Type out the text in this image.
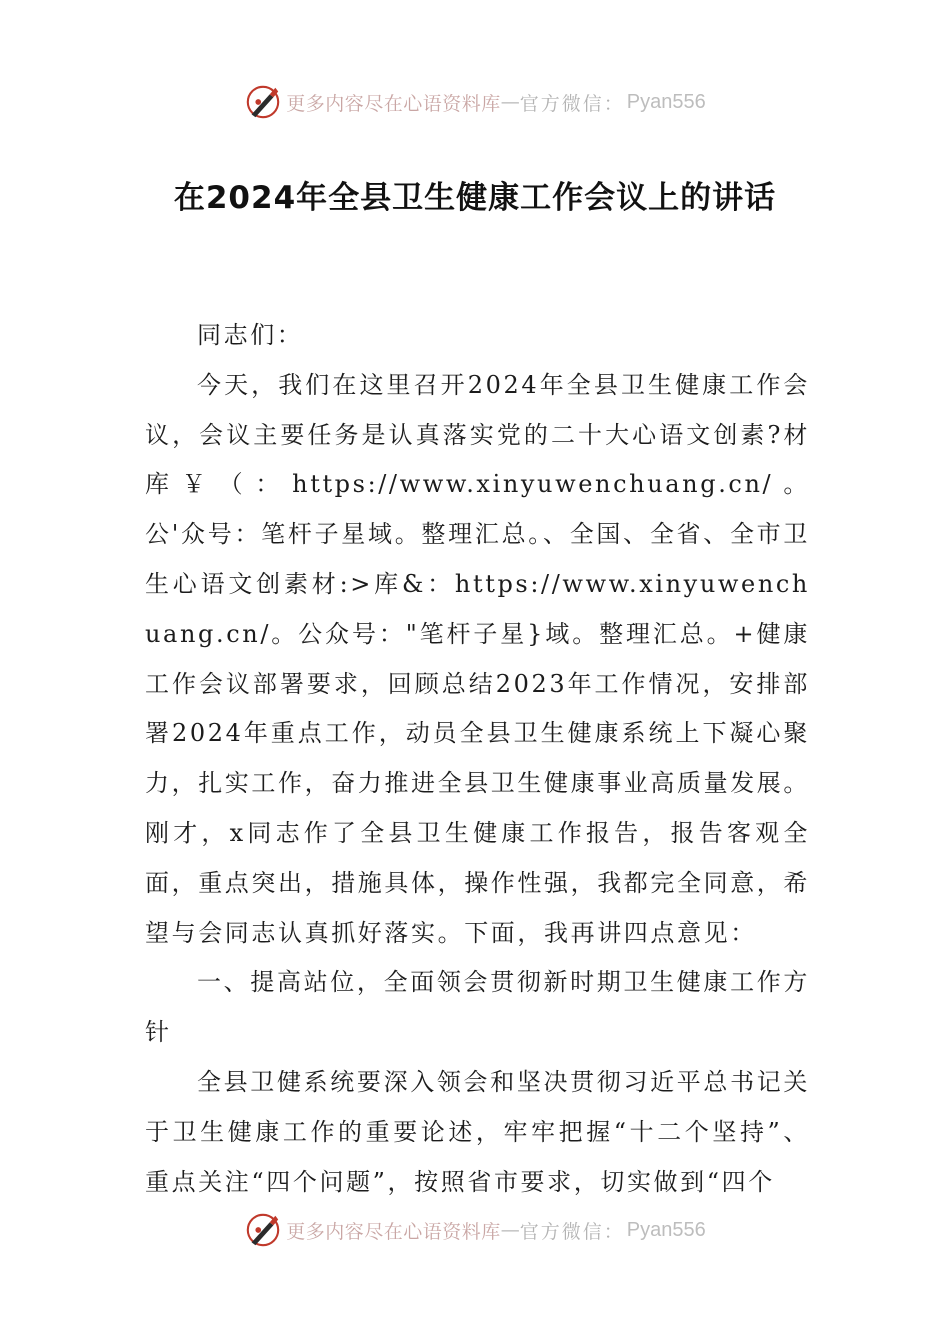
更多内容尽在心语资料库 — 官方微信： Pyan556
在2024年全县卫生健康工作会议上的讲话

同志们：

今天，我们在这里召开2024年全县卫生健康工作会议，会议主要任务是认真落实党的二十大心语文创素?材库￥（：https://www.xinyuwenchuang.cn/。公'众号：笔杆子星域。整理汇总。、全国、全省、全市卫生心语文创素材:>库&：https://www.xinyuwenchuang.cn/。公众号："笔杆子星}域。整理汇总。+健康工作会议部署要求，回顾总结2023年工作情况，安排部署2024年重点工作，动员全县卫生健康系统上下凝心聚力，扎实工作，奋力推进全县卫生健康事业高质量发展。刚才，x同志作了全县卫生健康工作报告，报告客观全面，重点突出，措施具体，操作性强，我都完全同意，希望与会同志认真抓好落实。下面，我再讲四点意见：

一、提高站位，全面领会贯彻新时期卫生健康工作方针

全县卫健系统要深入领会和坚决贯彻习近平总书记关于卫生健康工作的重要论述，牢牢把握“十二个坚持”、重点关注“四个问题”，按照省市要求，切实做到“四个

更多内容尽在心语资料库 — 官方微信： Pyan556
